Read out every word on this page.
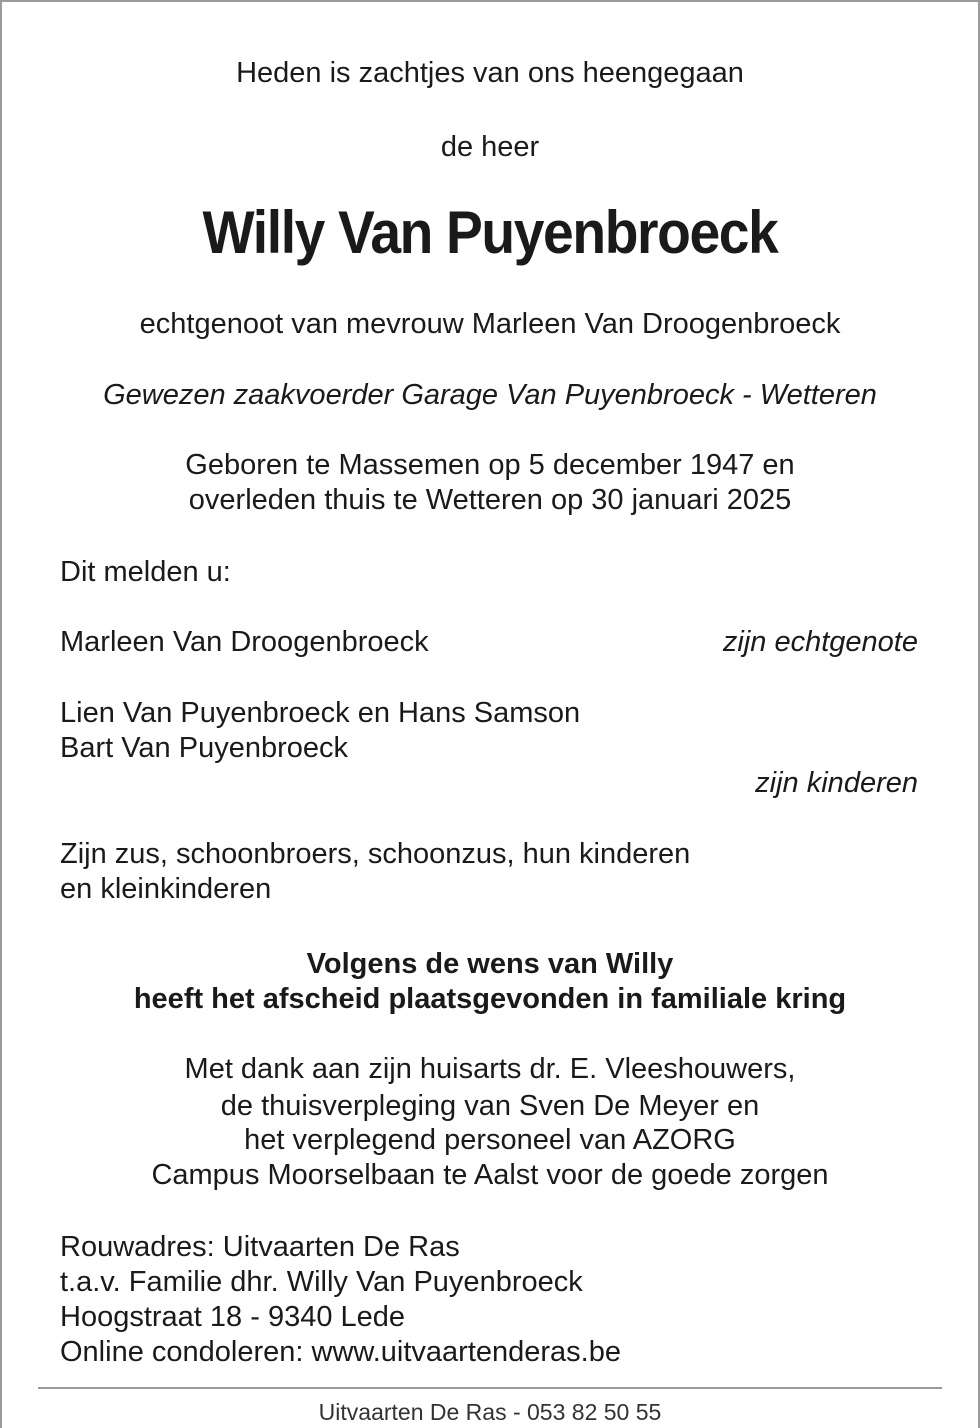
Heden is zachtjes van ons heengegaan
de heer
Willy Van Puyenbroeck
echtgenoot van mevrouw Marleen Van Droogenbroeck
Gewezen zaakvoerder Garage Van Puyenbroeck - Wetteren
Geboren te Massemen op 5 december 1947 en
overleden thuis te Wetteren op 30 januari 2025
Dit melden u:
Marleen Van Droogenbroeck	zijn echtgenote
Lien Van Puyenbroeck en Hans Samson
Bart Van Puyenbroeck
zijn kinderen
Zijn zus, schoonbroers, schoonzus, hun kinderen
en kleinkinderen
Volgens de wens van Willy
heeft het afscheid plaatsgevonden in familiale kring
Met dank aan zijn huisarts dr. E. Vleeshouwers,
de thuisverpleging van Sven De Meyer en
het verplegend personeel van AZORG
Campus Moorselbaan te Aalst voor de goede zorgen
Rouwadres: Uitvaarten De Ras
t.a.v. Familie dhr. Willy Van Puyenbroeck
Hoogstraat 18 - 9340 Lede
Online condoleren: www.uitvaartenderas.be
Uitvaarten De Ras - 053 82 50 55
